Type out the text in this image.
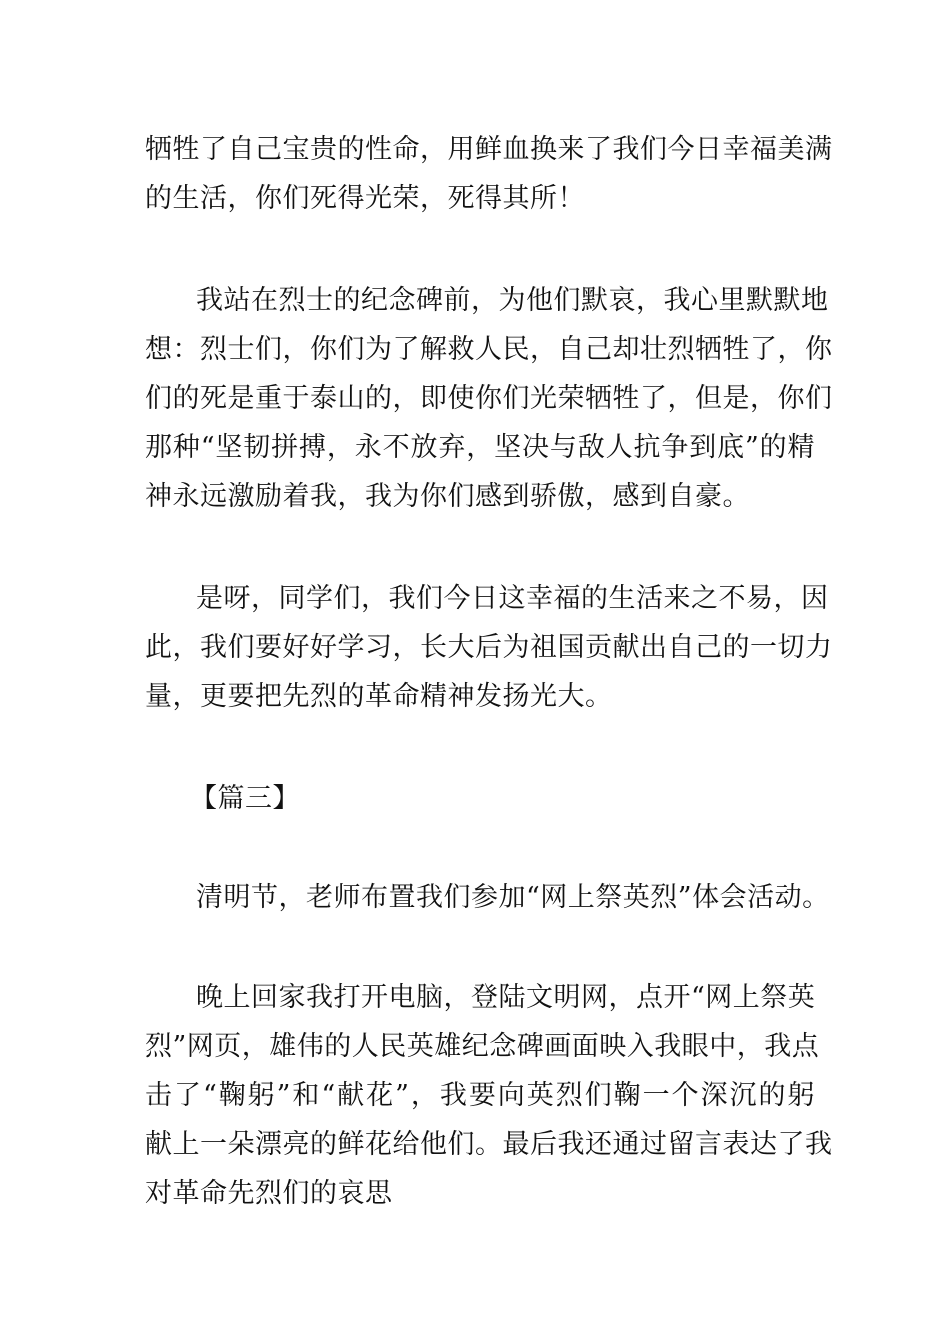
牺牲了自己宝贵的性命，用鲜血换来了我们今日幸福美满
的生活，你们死得光荣，死得其所！
我站在烈士的纪念碑前，为他们默哀，我心里默默地
想：烈士们，你们为了解救人民，自己却壮烈牺牲了，你
们的死是重于泰山的，即使你们光荣牺牲了，但是，你们
那种“坚韧拼搏，永不放弃，坚决与敌人抗争到底”的精
神永远激励着我，我为你们感到骄傲，感到自豪。
是呀，同学们，我们今日这幸福的生活来之不易，因
此，我们要好好学习，长大后为祖国贡献出自己的一切力
量，更要把先烈的革命精神发扬光大。
【篇三】
清明节，老师布置我们参加“网上祭英烈”体会活动。
晚上回家我打开电脑，登陆文明网，点开“网上祭英
烈”网页，雄伟的人民英雄纪念碑画面映入我眼中，我点
击了“鞠躬”和“献花”，我要向英烈们鞠一个深沉的躬
献上一朵漂亮的鲜花给他们。最后我还通过留言表达了我
对革命先烈们的哀思
